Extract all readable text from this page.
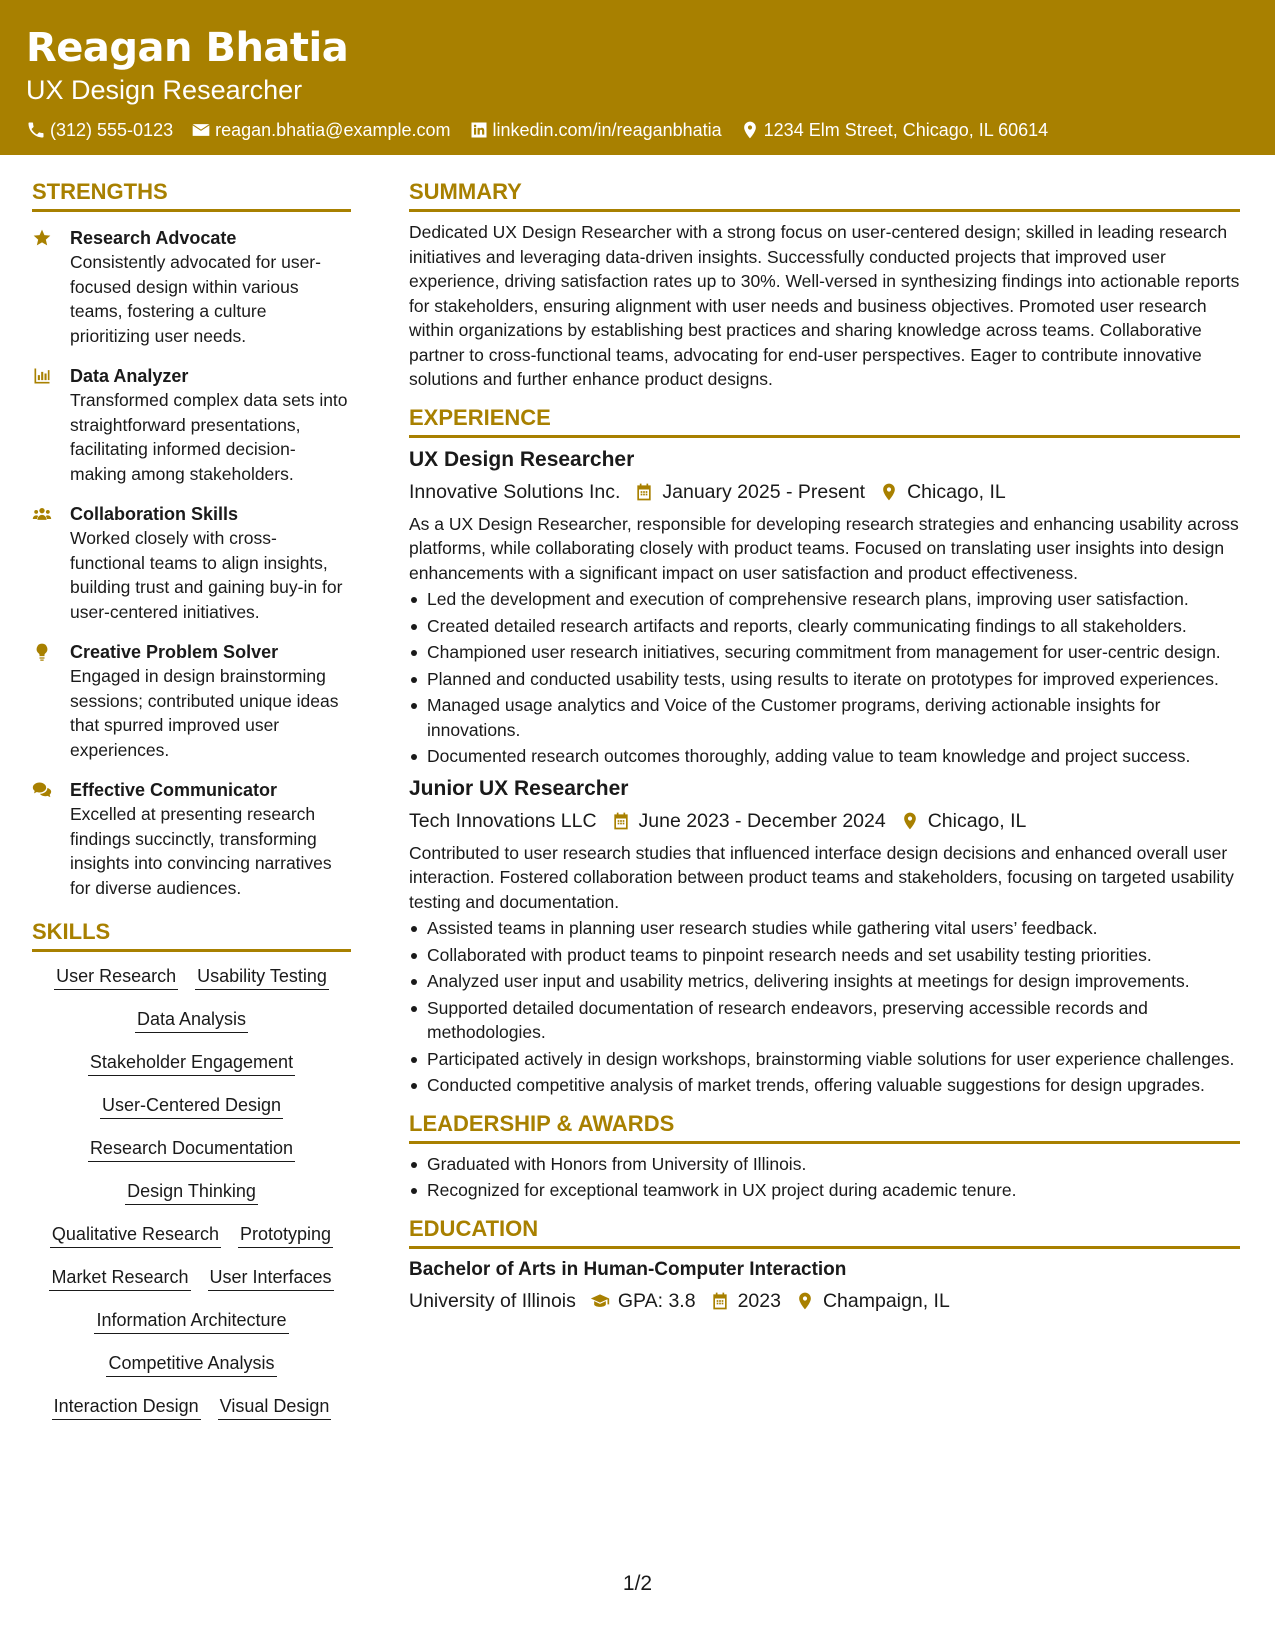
Reagan Bhatia
UX Design Researcher
(312) 555-0123 reagan.bhatia@example.com linkedin.com/in/reaganbhatia 1234 Elm Street, Chicago, IL 60614
STRENGTHS
Research Advocate
Consistently advocated for user-focused design within various teams, fostering a culture prioritizing user needs.
Data Analyzer
Transformed complex data sets into straightforward presentations, facilitating informed decision-making among stakeholders.
Collaboration Skills
Worked closely with cross-functional teams to align insights, building trust and gaining buy-in for user-centered initiatives.
Creative Problem Solver
Engaged in design brainstorming sessions; contributed unique ideas that spurred improved user experiences.
Effective Communicator
Excelled at presenting research findings succinctly, transforming insights into convincing narratives for diverse audiences.
SKILLS
User Research Usability Testing
Data Analysis
Stakeholder Engagement
User-Centered Design
Research Documentation
Design Thinking
Qualitative Research Prototyping
Market Research User Interfaces
Information Architecture
Competitive Analysis
Interaction Design Visual Design
SUMMARY
Dedicated UX Design Researcher with a strong focus on user-centered design; skilled in leading research initiatives and leveraging data-driven insights. Successfully conducted projects that improved user experience, driving satisfaction rates up to 30%. Well-versed in synthesizing findings into actionable reports for stakeholders, ensuring alignment with user needs and business objectives. Promoted user research within organizations by establishing best practices and sharing knowledge across teams. Collaborative partner to cross-functional teams, advocating for end-user perspectives. Eager to contribute innovative solutions and further enhance product designs.
EXPERIENCE
UX Design Researcher
Innovative Solutions Inc. January 2025 - Present Chicago, IL
As a UX Design Researcher, responsible for developing research strategies and enhancing usability across platforms, while collaborating closely with product teams. Focused on translating user insights into design enhancements with a significant impact on user satisfaction and product effectiveness.
Led the development and execution of comprehensive research plans, improving user satisfaction.
Created detailed research artifacts and reports, clearly communicating findings to all stakeholders.
Championed user research initiatives, securing commitment from management for user-centric design.
Planned and conducted usability tests, using results to iterate on prototypes for improved experiences.
Managed usage analytics and Voice of the Customer programs, deriving actionable insights for innovations.
Documented research outcomes thoroughly, adding value to team knowledge and project success.
Junior UX Researcher
Tech Innovations LLC June 2023 - December 2024 Chicago, IL
Contributed to user research studies that influenced interface design decisions and enhanced overall user interaction. Fostered collaboration between product teams and stakeholders, focusing on targeted usability testing and documentation.
Assisted teams in planning user research studies while gathering vital users’ feedback.
Collaborated with product teams to pinpoint research needs and set usability testing priorities.
Analyzed user input and usability metrics, delivering insights at meetings for design improvements.
Supported detailed documentation of research endeavors, preserving accessible records and methodologies.
Participated actively in design workshops, brainstorming viable solutions for user experience challenges.
Conducted competitive analysis of market trends, offering valuable suggestions for design upgrades.
LEADERSHIP & AWARDS
Graduated with Honors from University of Illinois.
Recognized for exceptional teamwork in UX project during academic tenure.
EDUCATION
Bachelor of Arts in Human-Computer Interaction
University of Illinois GPA: 3.8 2023 Champaign, IL
1/2
